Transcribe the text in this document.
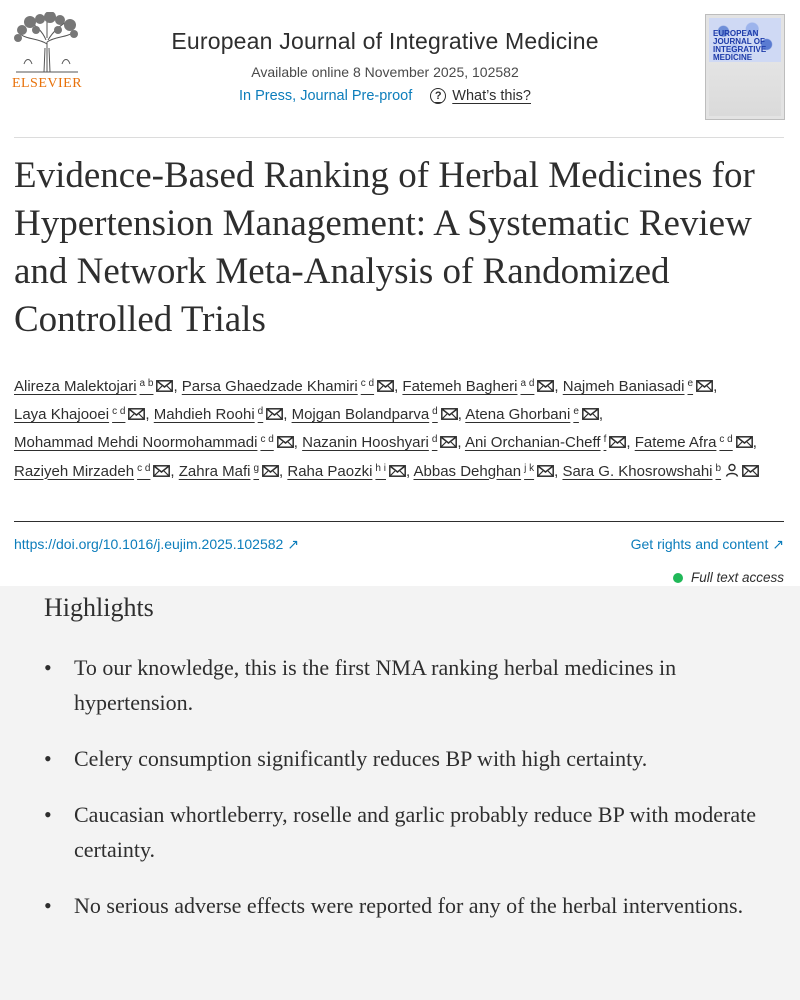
ELSEVIER
European Journal of Integrative Medicine
Available online 8 November 2025, 102582
In Press, Journal Pre-proof	? What’s this?
EUROPEAN JOURNAL OF INTEGRATIVE MEDICINE
Evidence-Based Ranking of Herbal Medicines for Hypertension Management: A Systematic Review and Network Meta-Analysis of Randomized Controlled Trials
Alireza Malektojari $^{a b}$ , Parsa Ghaedzade Khamiri $^{c d}$ , Fatemeh Bagheri $^{a d}$ , Najmeh Baniasadi $^e$ , Laya Khajooei $^{c d}$ , Mahdieh Roohi $^d$ , Mojgan Bolandparva $^d$ , Atena Ghorbani $^e$ , Mohammad Mehdi Noormohammadi $^{c d}$ , Nazanin Hooshyari $^d$ , Ani Orchanian-Cheff $^f$ , Fateme Afra $^{c d}$ , Raziyeh Mirzadeh $^{c d}$ , Zahra Mafi $^g$ , Raha Paozki $^{h i}$ , Abbas Dehghan $^{j k}$ , Sara G. Khosrowshahi $^b$
https://doi.org/10.1016/j.eujim.2025.102582 ↗	Get rights and content ↗
Full text access
Highlights
• To our knowledge, this is the first NMA ranking herbal medicines in hypertension.
• Celery consumption significantly reduces BP with high certainty.
• Caucasian whortleberry, roselle and garlic probably reduce BP with moderate certainty.
• No serious adverse effects were reported for any of the herbal interventions.
